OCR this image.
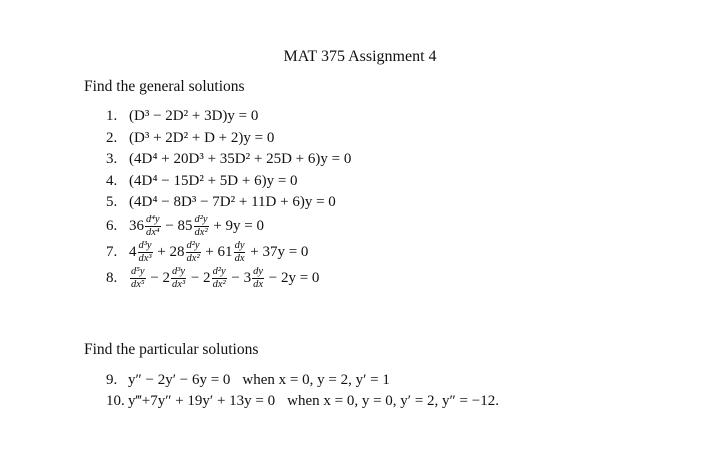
MAT 375 Assignment 4
Find the general solutions
1. (D³ − 2D² + 3D)y = 0
2. (D³ + 2D² + D + 2)y = 0
3. (4D⁴ + 20D³ + 35D² + 25D + 6)y = 0
4. (4D⁴ − 15D² + 5D + 6)y = 0
5. (4D⁴ − 8D³ − 7D² + 11D + 6)y = 0
6. $36 \frac{\text{d⁴y}}{\text{dx⁴}} - 85 \frac{\text{d²y}}{\text{dx²}} + 9y = 0$
7. $4 \frac{\text{d³y}}{\text{dx³}} + 28 \frac{\text{d²y}}{\text{dx²}} + 61 \frac{dy}{dx} + 37y = 0$
8.	$\frac{\text{d⁵y}}{\text{dx⁵}} - 2 \frac{\text{d³y}}{\text{dx³}} - 2 \frac{\text{d²y}}{\text{dx²}} - 3 \frac{dy}{dx} - 2y = 0$
Find the particular solutions
9. y″ − 2y′ − 6y = 0 when x = 0, y = 2, y′ = 1
10. y‴+7y″ + 19y′ + 13y = 0 when x = 0, y = 0, y′ = 2, y″ = −12.
